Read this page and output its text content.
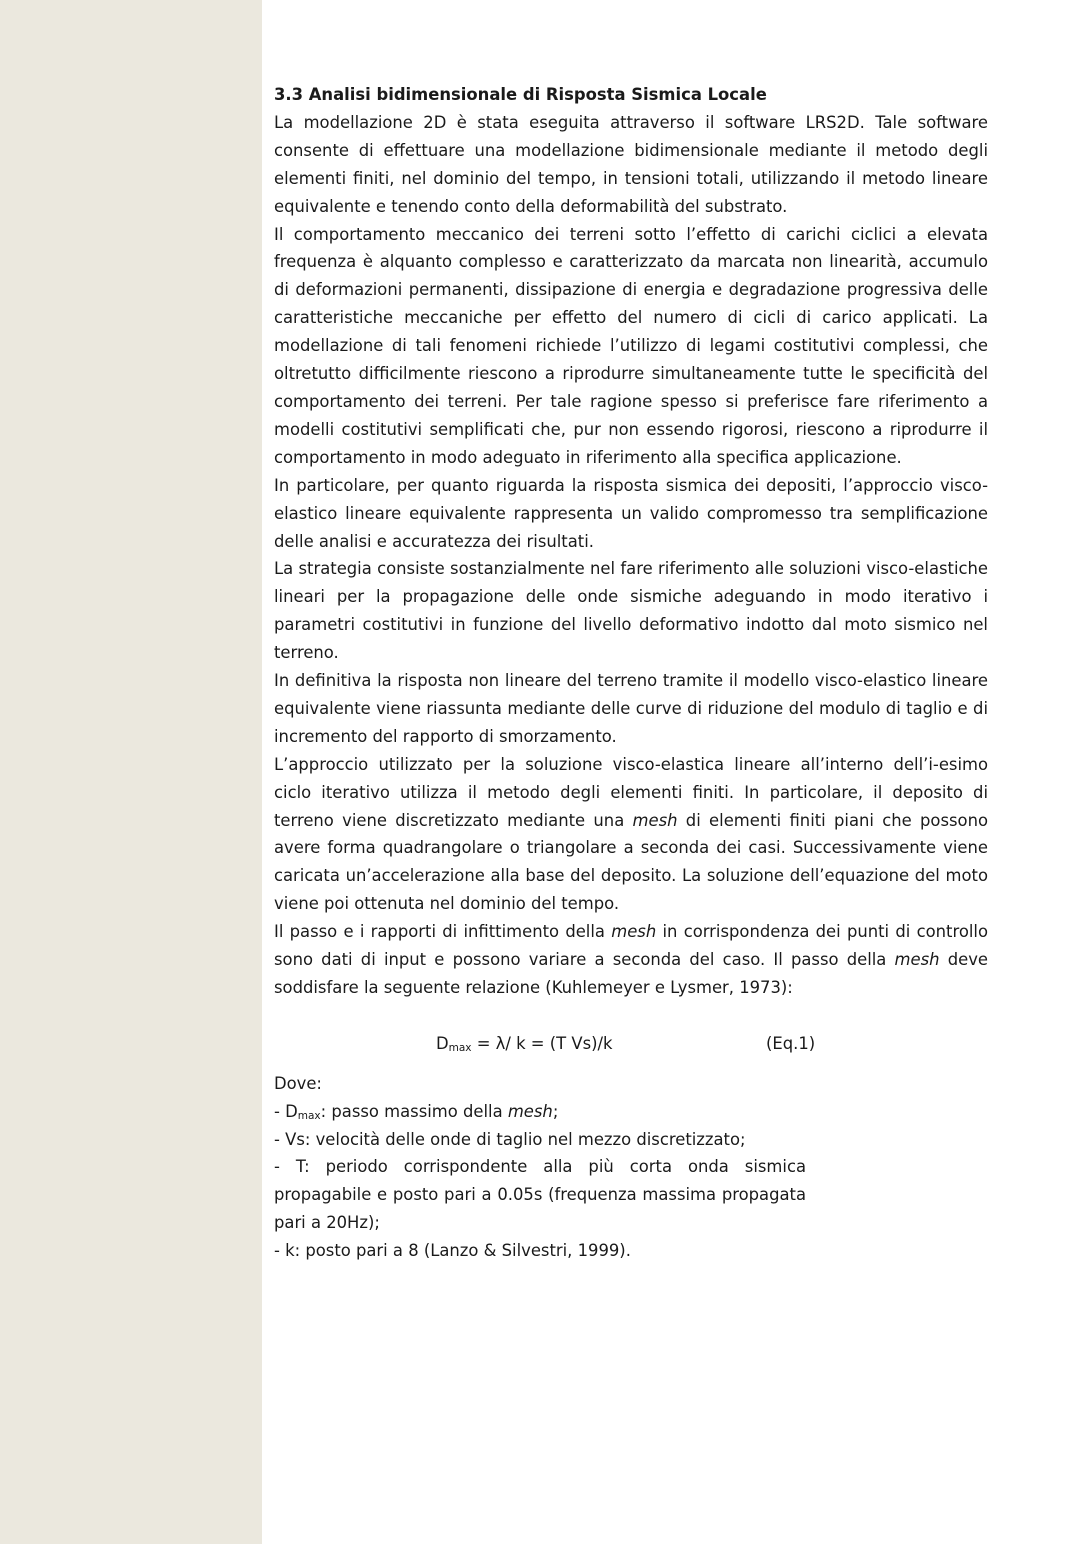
3.3 Analisi bidimensionale di Risposta Sismica Locale

La modellazione 2D è stata eseguita attraverso il software LRS2D. Tale software consente di effettuare una modellazione bidimensionale mediante il metodo degli elementi finiti, nel dominio del tempo, in tensioni totali, utilizzando il metodo lineare equivalente e tenendo conto della deformabilità del substrato.

Il comportamento meccanico dei terreni sotto l’effetto di carichi ciclici a elevata frequenza è alquanto complesso e caratterizzato da marcata non linearità, accumulo di deformazioni permanenti, dissipazione di energia e degradazione progressiva delle caratteristiche meccaniche per effetto del numero di cicli di carico applicati. La modellazione di tali fenomeni richiede l’utilizzo di legami costitutivi complessi, che oltretutto difficilmente riescono a riprodurre simultaneamente tutte le specificità del comportamento dei terreni. Per tale ragione spesso si preferisce fare riferimento a modelli costitutivi semplificati che, pur non essendo rigorosi, riescono a riprodurre il comportamento in modo adeguato in riferimento alla specifica applicazione.

In particolare, per quanto riguarda la risposta sismica dei depositi, l’approccio visco-elastico lineare equivalente rappresenta un valido compromesso tra semplificazione delle analisi e accuratezza dei risultati.

La strategia consiste sostanzialmente nel fare riferimento alle soluzioni visco-elastiche lineari per la propagazione delle onde sismiche adeguando in modo iterativo i parametri costitutivi in funzione del livello deformativo indotto dal moto sismico nel terreno.

In definitiva la risposta non lineare del terreno tramite il modello visco-elastico lineare equivalente viene riassunta mediante delle curve di riduzione del modulo di taglio e di incremento del rapporto di smorzamento.

L’approccio utilizzato per la soluzione visco-elastica lineare all’interno dell’i-esimo ciclo iterativo utilizza il metodo degli elementi finiti. In particolare, il deposito di terreno viene discretizzato mediante una mesh di elementi finiti piani che possono avere forma quadrangolare o triangolare a seconda dei casi. Successivamente viene caricata un’accelerazione alla base del deposito. La soluzione dell’equazione del moto viene poi ottenuta nel dominio del tempo.

Il passo e i rapporti di infittimento della mesh in corrispondenza dei punti di controllo sono dati di input e possono variare a seconda del caso. Il passo della mesh deve soddisfare la seguente relazione (Kuhlemeyer e Lysmer, 1973):

$D_{max} = \lambda/$ k = (T Vs)/k	(Eq.1)

Dove:

- $D_{max}$: passo massimo della mesh;

- Vs: velocità delle onde di taglio nel mezzo discretizzato;

- T: periodo corrispondente alla più corta onda sismica propagabile e posto pari a 0.05s (frequenza massima propagata pari a 20Hz);

- k: posto pari a 8 (Lanzo & Silvestri, 1999).
